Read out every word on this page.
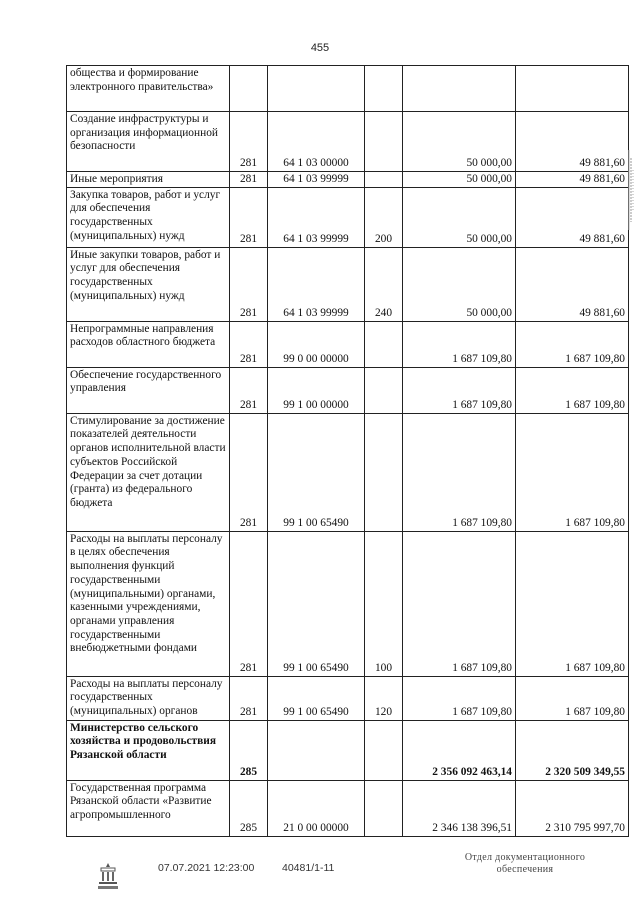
455
общества и формирование электронного правительства»					
Создание инфраструктуры и организация информационной безопасности	281	64 1 03 00000		50 000,00	49 881,60
Иные мероприятия	281	64 1 03 99999		50 000,00	49 881,60
Закупка товаров, работ и услуг для обеспечения государственных (муниципальных) нужд	281	64 1 03 99999	200	50 000,00	49 881,60
Иные закупки товаров, работ и услуг для обеспечения государственных (муниципальных) нужд	281	64 1 03 99999	240	50 000,00	49 881,60
Непрограммные направления расходов областного бюджета	281	99 0 00 00000		1 687 109,80	1 687 109,80
Обеспечение государственного управления	281	99 1 00 00000		1 687 109,80	1 687 109,80
Стимулирование за достижение показателей деятельности органов исполнительной власти субъектов Российской Федерации за счет дотации (гранта) из федерального бюджета	281	99 1 00 65490		1 687 109,80	1 687 109,80
Расходы на выплаты персоналу в целях обеспечения выполнения функций государственными (муниципальными) органами, казенными учреждениями, органами управления государственными внебюджетными фондами	281	99 1 00 65490	100	1 687 109,80	1 687 109,80
Расходы на выплаты персоналу государственных (муниципальных) органов	281	99 1 00 65490	120	1 687 109,80	1 687 109,80
Министерство сельского хозяйства и продовольствия Рязанской области	285			2 356 092 463,14	2 320 509 349,55
Государственная программа Рязанской области «Развитие агропромышленного	285	21 0 00 00000		2 346 138 396,51	2 310 795 997,70
07.07.2021 12:23:00	40481/1-11
Отдел документационного обеспечения
